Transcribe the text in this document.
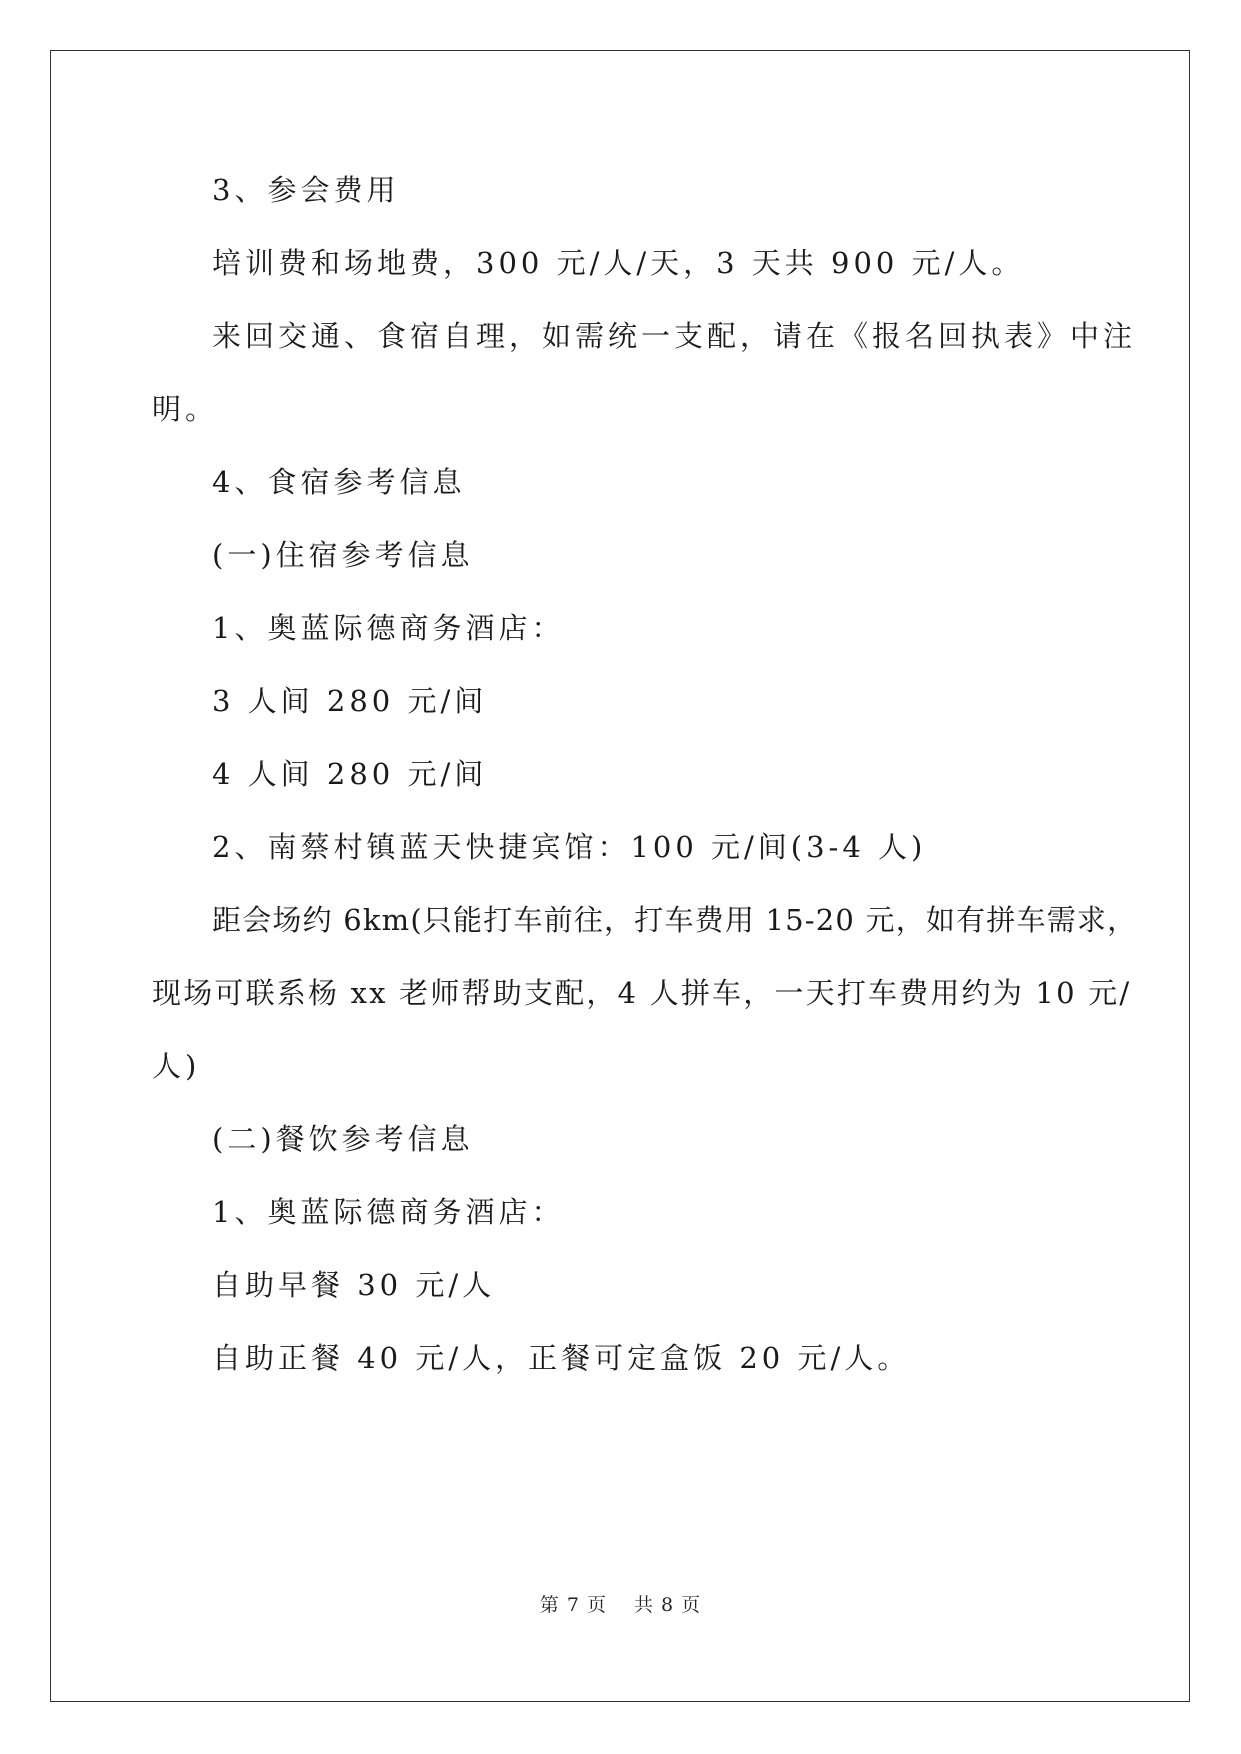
3、参会费用
培训费和场地费，300 元/人/天，3 天共 900 元/人。
来回交通、食宿自理，如需统一支配，请在《报名回执表》中注
明。
4、食宿参考信息
(一)住宿参考信息
1、奥蓝际德商务酒店：
3 人间 280 元/间
4 人间 280 元/间
2、南蔡村镇蓝天快捷宾馆：100 元/间(3-4 人)
距会场约 6km(只能打车前往，打车费用 15-20 元，如有拼车需求，
现场可联系杨 xx 老师帮助支配，4 人拼车，一天打车费用约为 10 元/
人)
(二)餐饮参考信息
1、奥蓝际德商务酒店：
自助早餐 30 元/人
自助正餐 40 元/人，正餐可定盒饭 20 元/人。
第 7 页 共 8 页
